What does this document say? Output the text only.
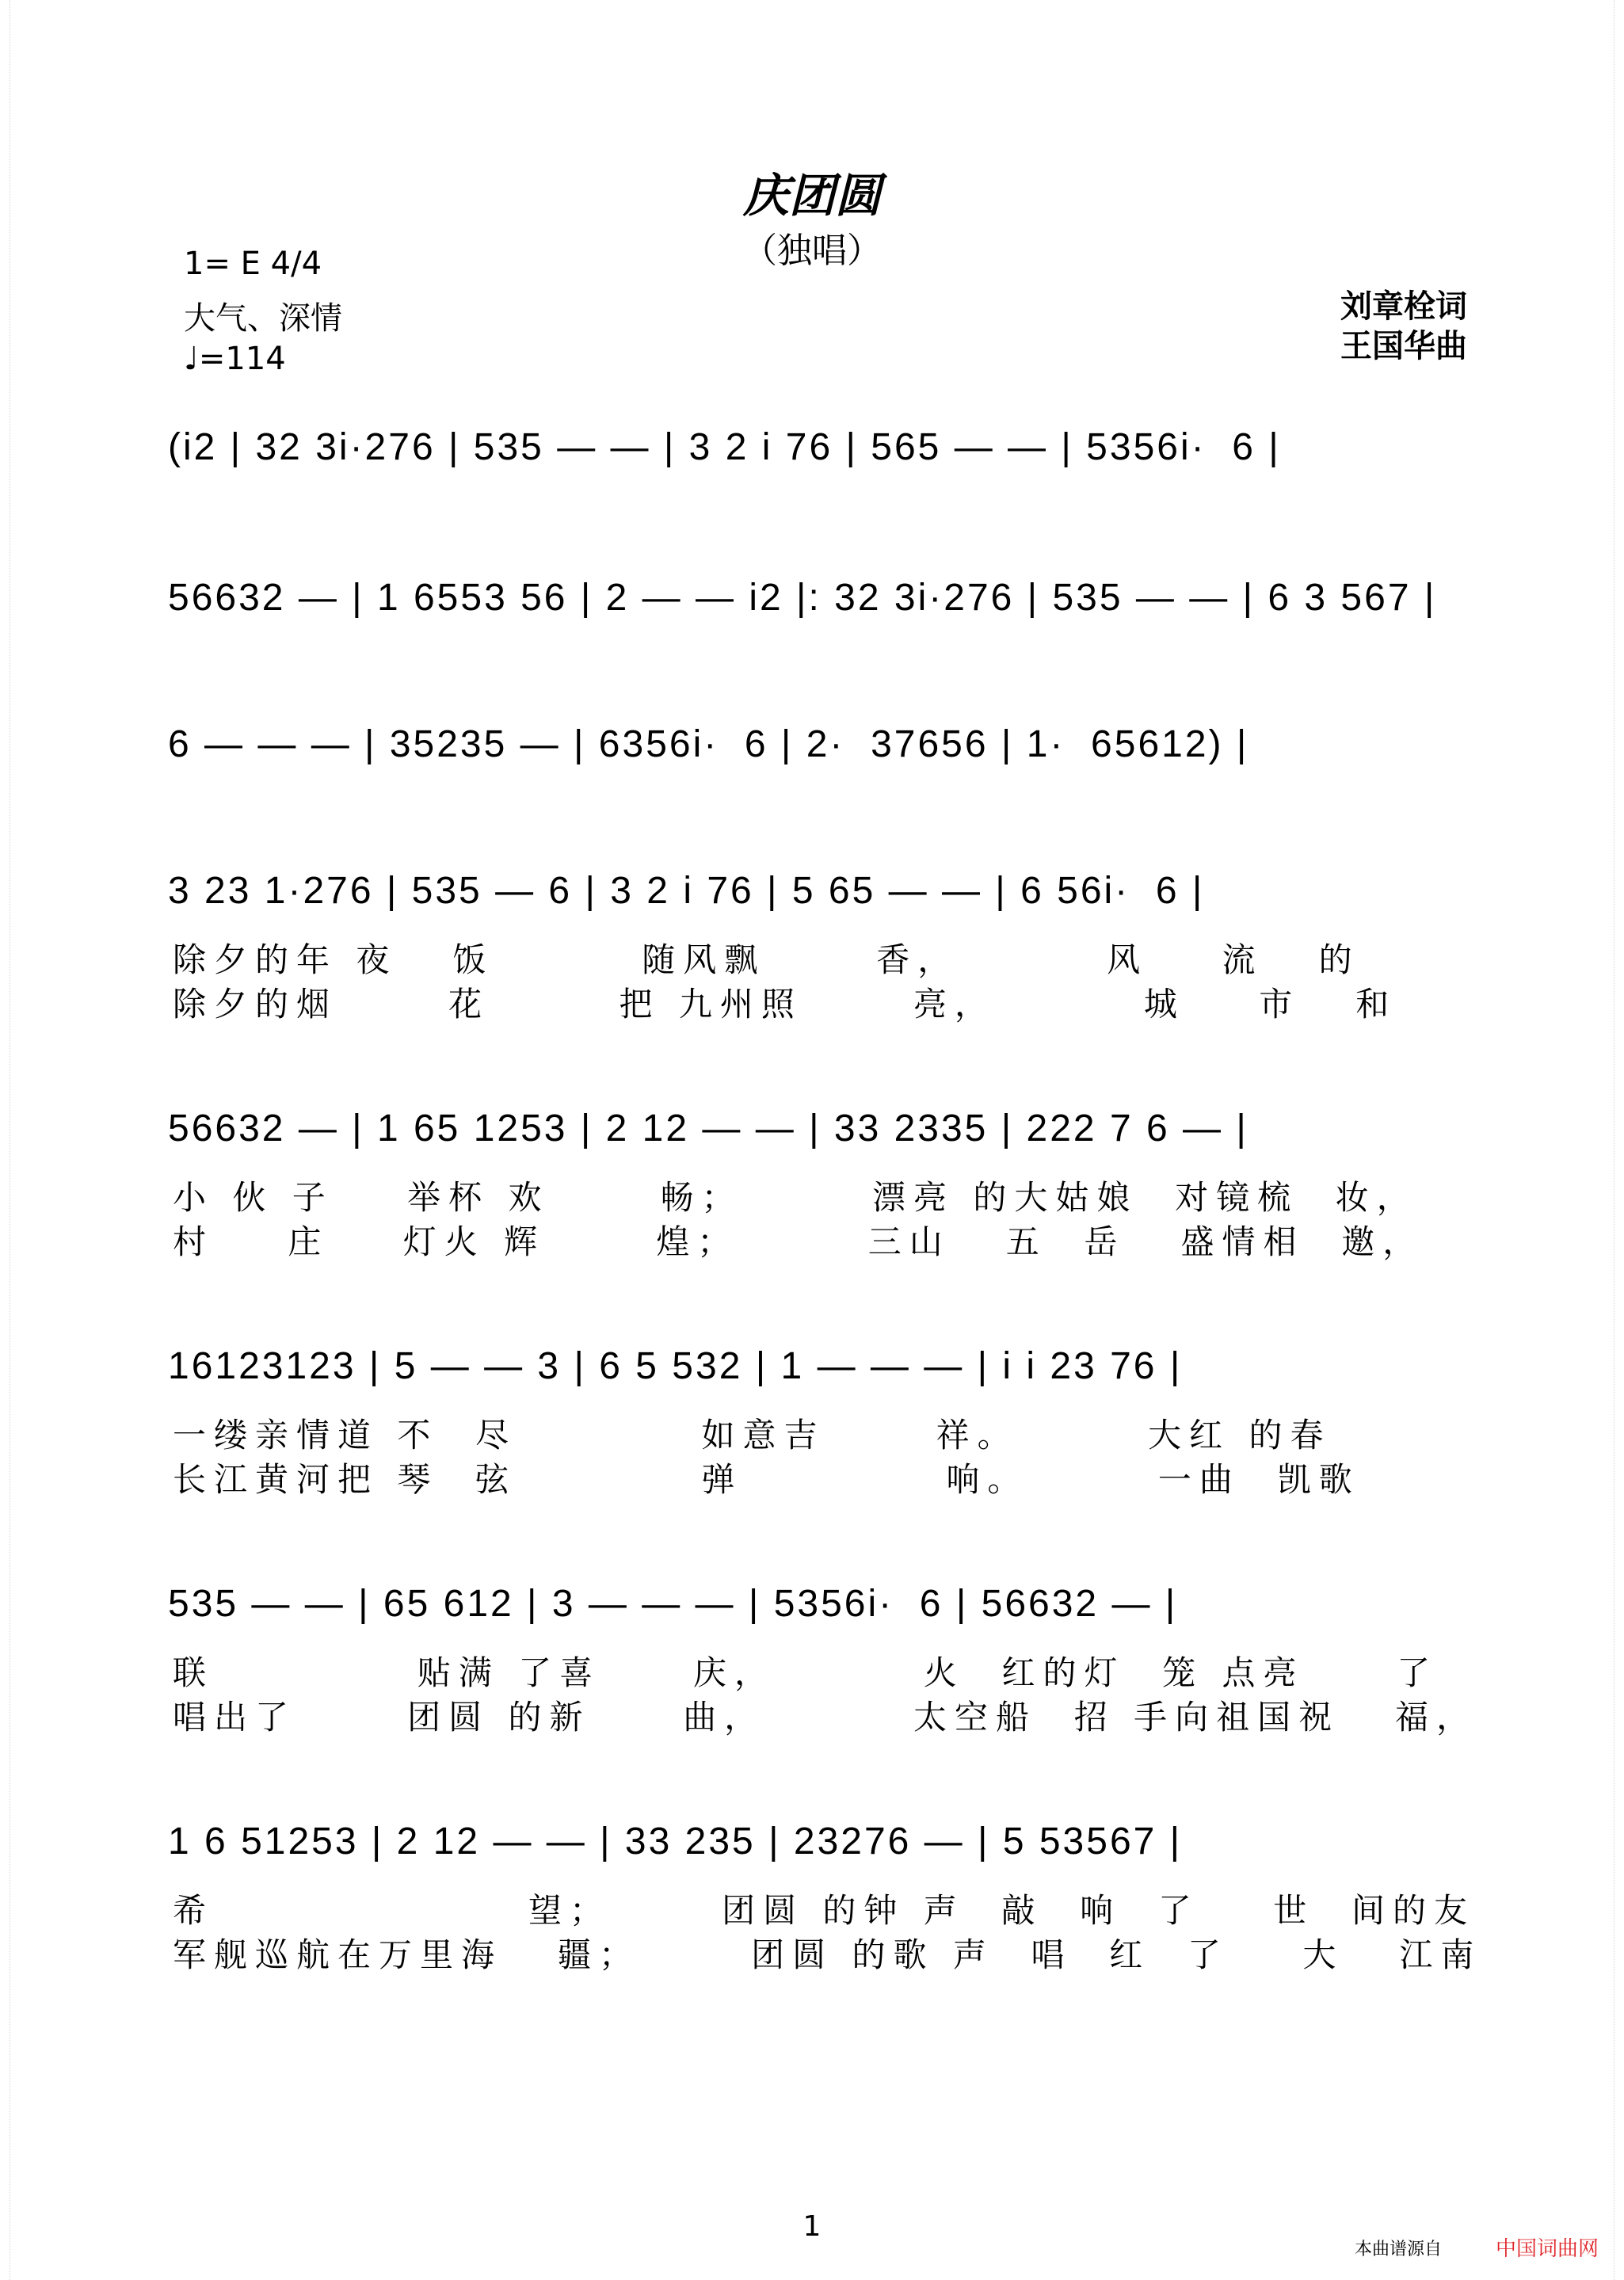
庆团圆
（独唱）
1= E 4/4
大气、深情
♩=114
刘章栓词
王国华曲
(i2 | 32 3i·276 | 535 — — | 3 2 i 76 | 565 — — | 5356i·  6 |
56632 — | 1 6553 56 | 2 — — i2 |: 32 3i·276 | 535 — — | 6 3 567 |
6 — — — | 35235 — | 6356i·  6 | 2·  37656 | 1·  65612) |
3 23 1·276 | 535 — 6 | 3 2 i 76 | 5 65 — — | 6 56i·  6 |
除夕的年 夜   饭        随风飘      香，        风    流   的
除夕的烟      花       把 九州照      亮，        城    市   和
56632 — | 1 65 1253 | 2 12 — — | 33 2335 | 222 7 6 — |
小 伙 子    举杯 欢      畅；       漂亮 的大姑娘  对镜梳  妆，
村    庄    灯火 辉      煌；       三山   五  岳   盛情相  邀，
16123123 | 5 — — 3 | 6 5 532 | 1 — — — | i i 23 76 |
一缕亲情道 不  尽          如意吉      祥。       大红 的春
长江黄河把 琴  弦          弹           响。       一曲  凯歌
535 — — | 65 612 | 3 — — — | 5356i·  6 | 56632 — |
联           贴满 了喜     庆，        火  红的灯  笼 点亮     了
唱出了      团圆 的新     曲，        太空船  招 手向祖国祝   福，
1 6 51253 | 2 12 — — | 33 235 | 23276 — | 5 53567 |
希                 望；      团圆 的钟 声  敲  响  了    世  间的友
军舰巡航在万里海   疆；      团圆 的歌 声  唱  红  了    大   江南
1
本曲谱源自	中国词曲网
